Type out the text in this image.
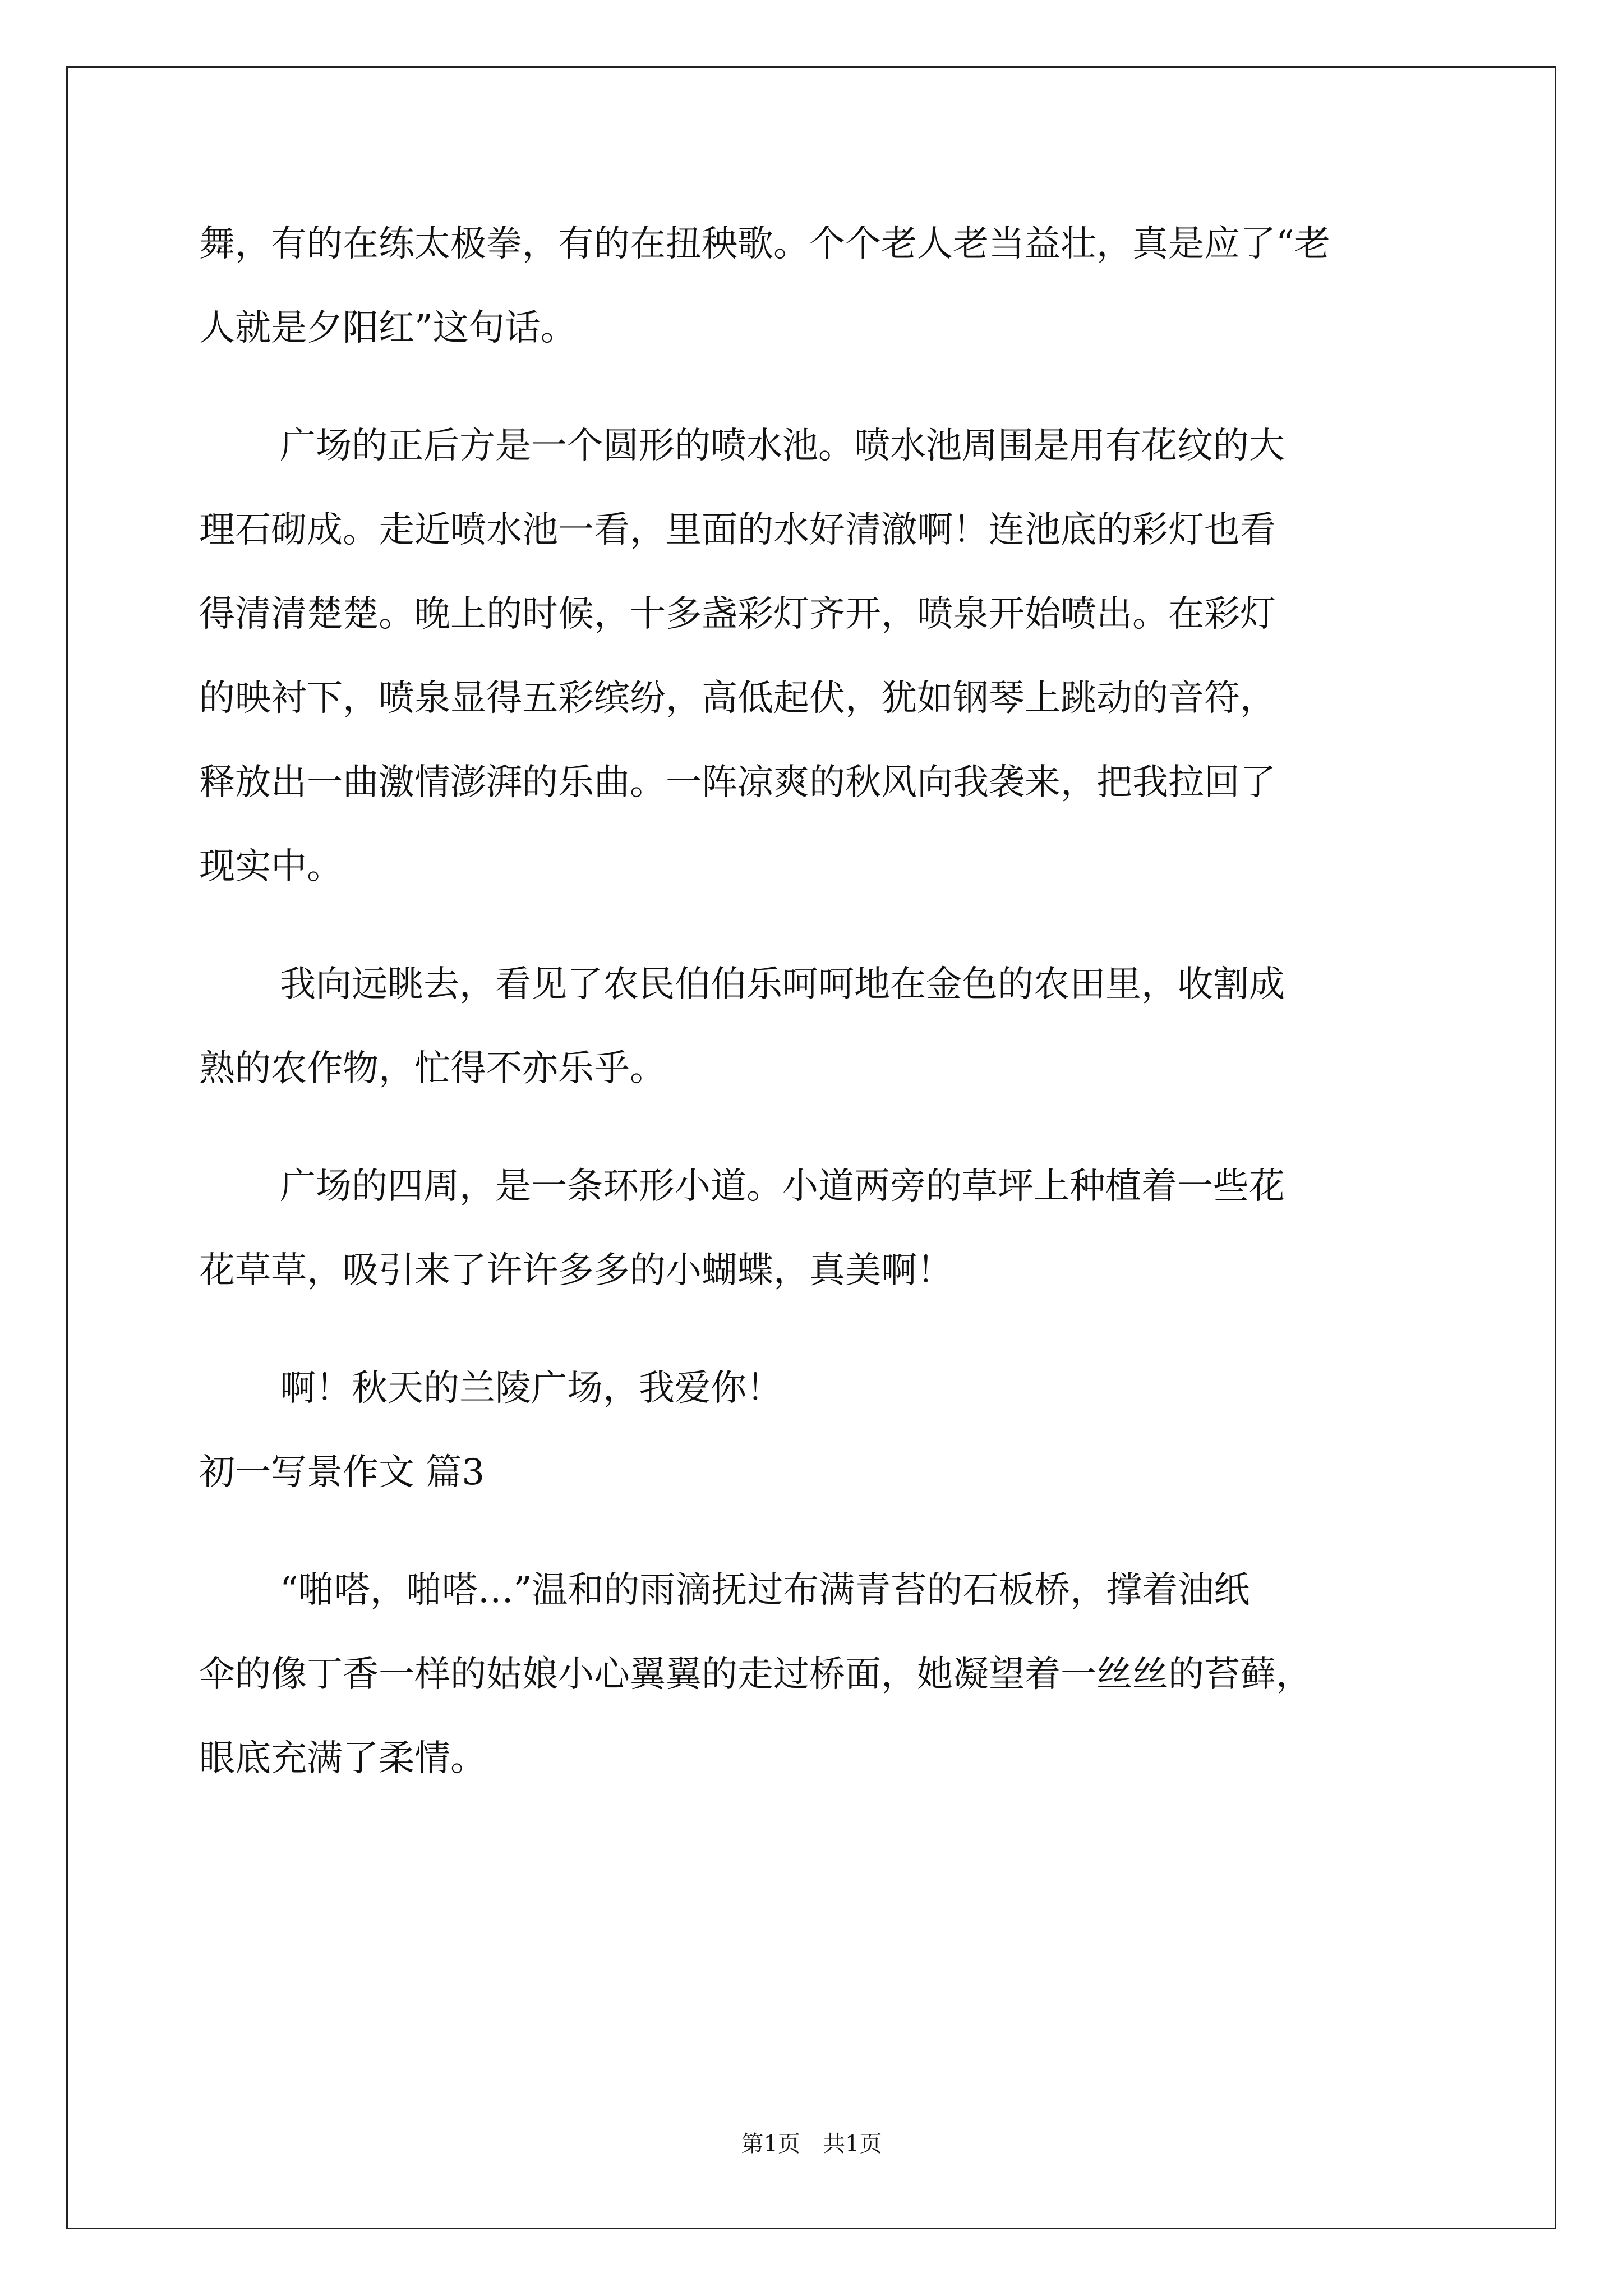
舞，有的在练太极拳，有的在扭秧歌。个个老人老当益壮，真是应了“老

人就是夕阳红”这句话。

广场的正后方是一个圆形的喷水池。喷水池周围是用有花纹的大

理石砌成。走近喷水池一看，里面的水好清澈啊！连池底的彩灯也看

得清清楚楚。晚上的时候，十多盏彩灯齐开，喷泉开始喷出。在彩灯

的映衬下，喷泉显得五彩缤纷，高低起伏，犹如钢琴上跳动的音符，

释放出一曲激情澎湃的乐曲。一阵凉爽的秋风向我袭来，把我拉回了

现实中。

我向远眺去，看见了农民伯伯乐呵呵地在金色的农田里，收割成

熟的农作物，忙得不亦乐乎。

广场的四周，是一条环形小道。小道两旁的草坪上种植着一些花

花草草，吸引来了许许多多的小蝴蝶，真美啊！

啊！秋天的兰陵广场，我爱你！

初一写景作文 篇3

“啪嗒，啪嗒…”温和的雨滴抚过布满青苔的石板桥，撑着油纸

伞的像丁香一样的姑娘小心翼翼的走过桥面，她凝望着一丝丝的苔藓，

眼底充满了柔情。

第1页 共1页
